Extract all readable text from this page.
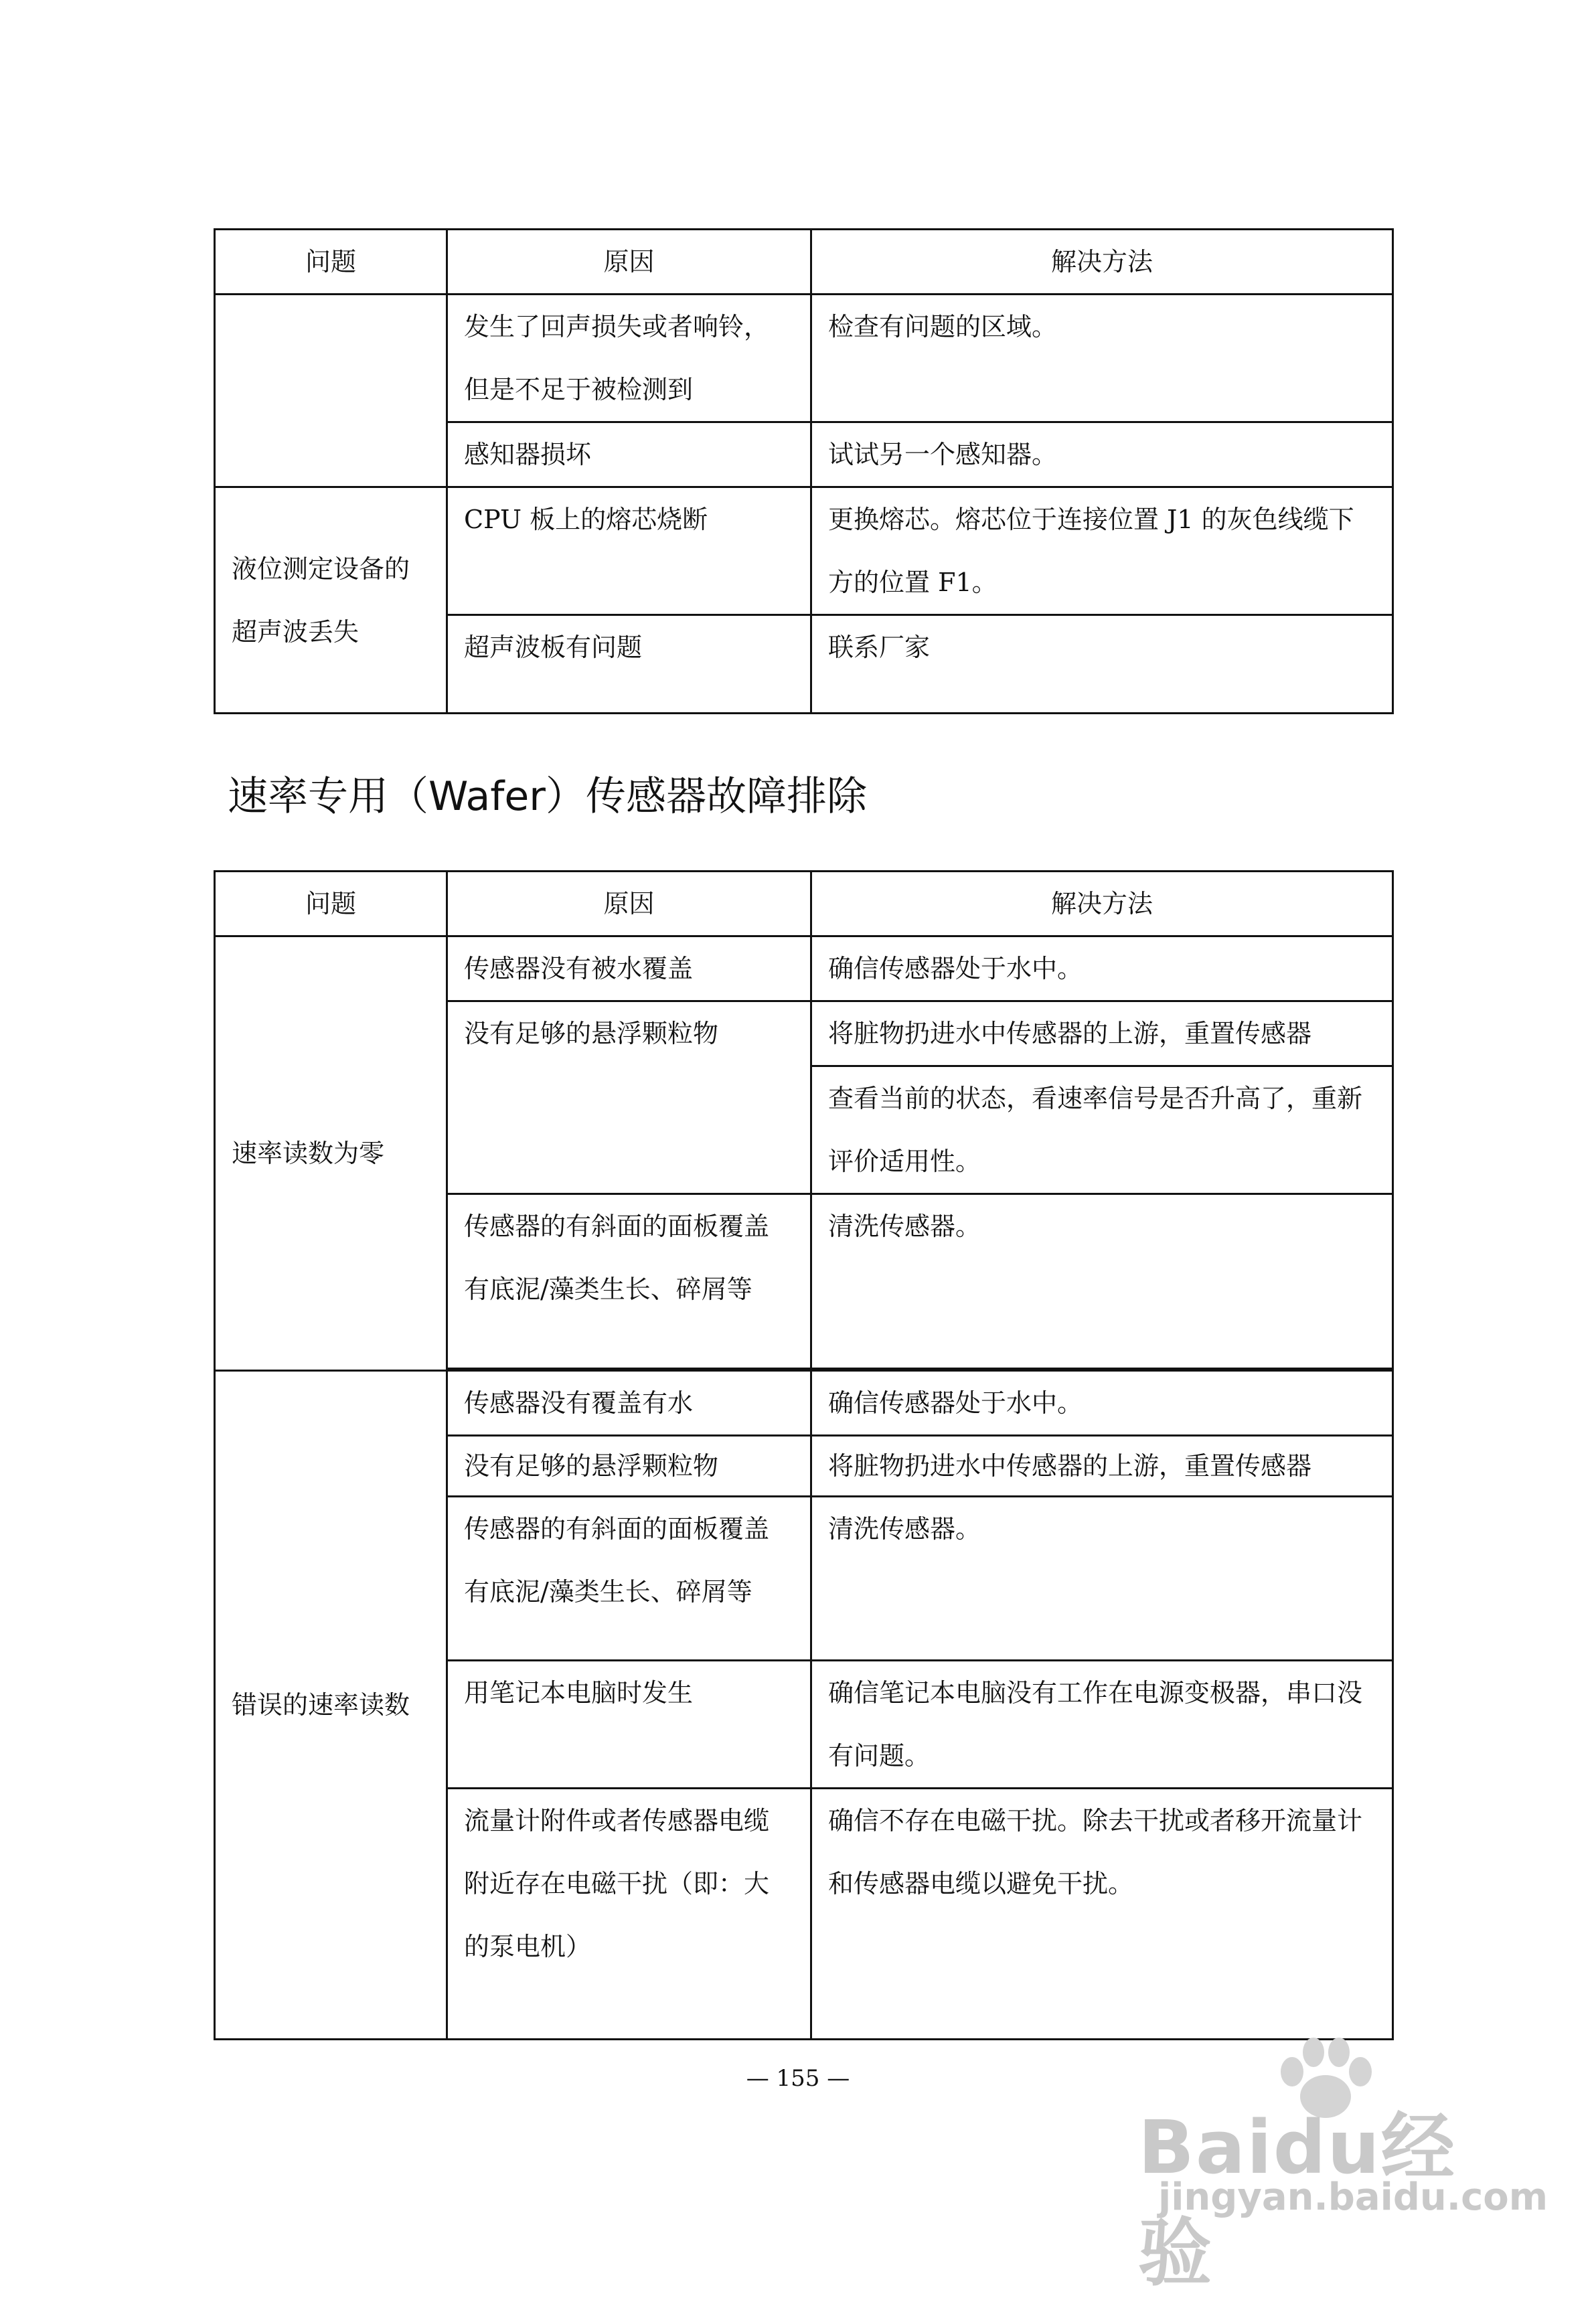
问题	原因	解决方法
	发生了回声损失或者响铃，但是不足于被检测到	检查有问题的区域。
	感知器损坏	试试另一个感知器。
液位测定设备的
超声波丢失	CPU 板上的熔芯烧断	更换熔芯。熔芯位于连接位置 J1 的灰色线缆下方的位置 F1。
	超声波板有问题	联系厂家
速率专用（Wafer）传感器故障排除
问题	原因	解决方法
速率读数为零	传感器没有被水覆盖	确信传感器处于水中。
	没有足够的悬浮颗粒物	将脏物扔进水中传感器的上游，重置传感器
		查看当前的状态，看速率信号是否升高了，重新评价适用性。
	传感器的有斜面的面板覆盖有底泥/藻类生长、碎屑等	清洗传感器。

错误的速率读数	传感器没有覆盖有水	确信传感器处于水中。
	没有足够的悬浮颗粒物	将脏物扔进水中传感器的上游，重置传感器
	传感器的有斜面的面板覆盖有底泥/藻类生长、碎屑等	清洗传感器。
	用笔记本电脑时发生	确信笔记本电脑没有工作在电源变极器，串口没有问题。
	流量计附件或者传感器电缆附近存在电磁干扰（即：大的泵电机）	确信不存在电磁干扰。除去干扰或者移开流量计和传感器电缆以避免干扰。
— 155 —
Baidu经验
jingyan.baidu.com
